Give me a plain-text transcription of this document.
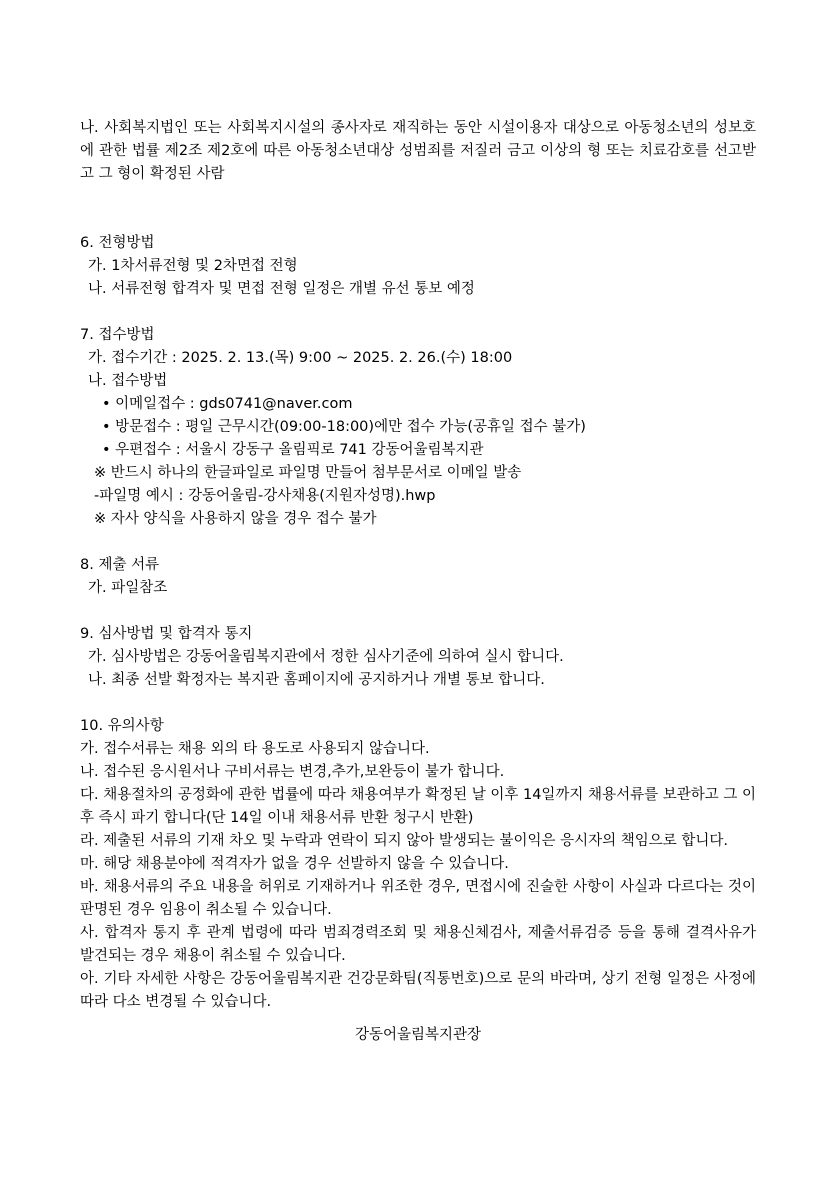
나. 사회복지법인 또는 사회복지시설의 종사자로 재직하는 동안 시설이용자 대상으로 아동청소년의 성보호에 관한 법률 제2조 제2호에 따른 아동청소년대상 성범죄를 저질러 금고 이상의 형 또는 치료감호를 선고받고 그 형이 확정된 사람
6. 전형방법
가. 1차서류전형 및 2차면접 전형
나. 서류전형 합격자 및 면접 전형 일정은 개별 유선 통보 예정
7. 접수방법
가. 접수기간 : 2025. 2. 13.(목) 9:00 ~ 2025. 2. 26.(수) 18:00
나. 접수방법
• 이메일접수 : gds0741@naver.com
• 방문접수 : 평일 근무시간(09:00-18:00)에만 접수 가능(공휴일 접수 불가)
• 우편접수 : 서울시 강동구 올림픽로 741 강동어울림복지관
※ 반드시 하나의 한글파일로 파일명 만들어 첨부문서로 이메일 발송
-파일명 예시 : 강동어울림-강사채용(지원자성명).hwp
※ 자사 양식을 사용하지 않을 경우 접수 불가
8. 제출 서류
가. 파일참조
9. 심사방법 및 합격자 통지
가. 심사방법은 강동어울림복지관에서 정한 심사기준에 의하여 실시 합니다.
나. 최종 선발 확정자는 복지관 홈페이지에 공지하거나 개별 통보 합니다.
10. 유의사항
가. 접수서류는 채용 외의 타 용도로 사용되지 않습니다.
나. 접수된 응시원서나 구비서류는 변경,추가,보완등이 불가 합니다.
다. 채용절차의 공정화에 관한 법률에 따라 채용여부가 확정된 날 이후 14일까지 채용서류를 보관하고 그 이후 즉시 파기 합니다(단 14일 이내 채용서류 반환 청구시 반환)
라. 제출된 서류의 기재 차오 및 누락과 연락이 되지 않아 발생되는 불이익은 응시자의 책임으로 합니다.
마. 해당 채용분야에 적격자가 없을 경우 선발하지 않을 수 있습니다.
바. 채용서류의 주요 내용을 허위로 기재하거나 위조한 경우, 면접시에 진술한 사항이 사실과 다르다는 것이 판명된 경우 임용이 취소될 수 있습니다.
사. 합격자 통지 후 관계 법령에 따라 범죄경력조회 및 채용신체검사, 제출서류검증 등을 통해 결격사유가 발견되는 경우 채용이 취소될 수 있습니다.
아. 기타 자세한 사항은 강동어울림복지관 건강문화팀(직통번호)으로 문의 바라며, 상기 전형 일정은 사정에 따라 다소 변경될 수 있습니다.
강동어울림복지관장
